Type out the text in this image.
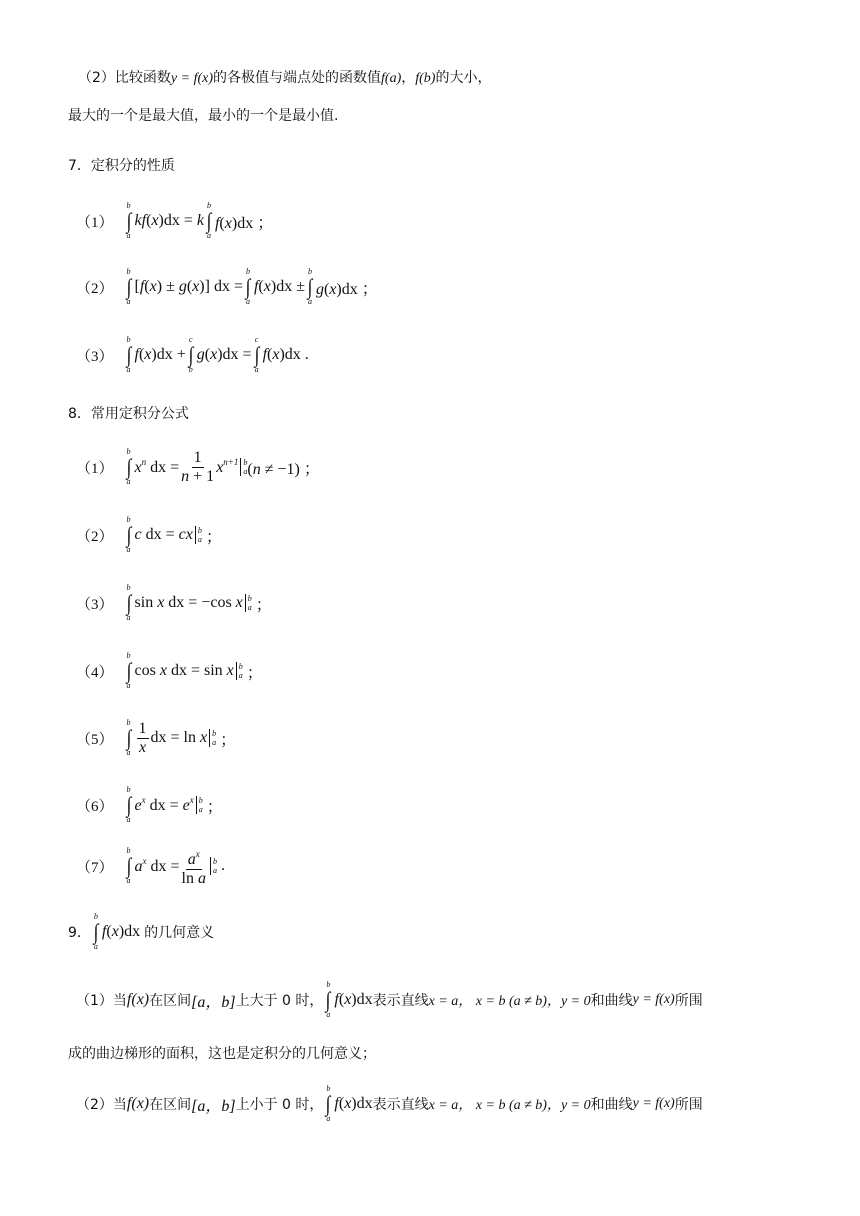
（2）比较函数y = f(x)的各极值与端点处的函数值f(a)，f(b)的大小，
最大的一个是最大值，最小的一个是最小值.
7．定积分的性质
（1）
b
∫
a
kf(x)dx = k
b
∫
a
f(x)dx ；
（2）
b
∫
a
[f(x) ± g(x)] dx =
b
∫
a
f(x)dx ±
b
∫
a
g(x)dx ；
（3）
b
∫
a
f(x)dx +
c
∫
b
g(x)dx =
c
∫
a
f(x)dx .
8．常用定积分公式
（1）
b
∫
a
$x^n$ dx = $\frac{1}{n + 1} x^{n+1}$ b
a (n ≠ −1) ；
（2）
b
∫
a
c dx = cx b
a ；
（3）
b
∫
a
sin x dx = −cos x b
a ；
（4）
b
∫
a
cos x dx = sin x b
a ；
（5）
b
∫
a $\frac{1}{x}$ dx = ln x b
a ；
（6）
b
∫
a
$e^x$ dx = $e^x$ b
a ；
（7）
b
∫
a
$a^x$ dx = $\frac{a^x}{\text{ln a}}$ b
a .
9．
b
∫
a
f(x)dx 的几何意义
（1） 当 f(x) 在区间 [a，b] 上大于 0 时，
b
∫
a
f(x)dx 表示直线 x = a， x = b (a ≠ b)，y = 0 和曲线 y = f(x) 所围
成的曲边梯形的面积，这也是定积分的几何意义；
（2） 当 f(x) 在区间 [a，b] 上小于 0 时，
b
∫
a
f(x)dx 表示直线 x = a， x = b (a ≠ b)，y = 0 和曲线 y = f(x) 所围
